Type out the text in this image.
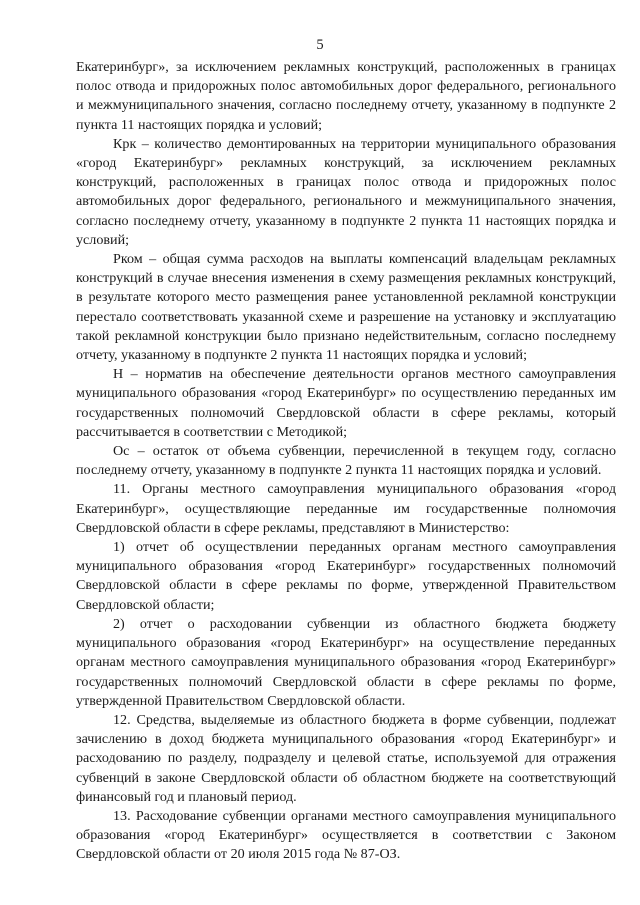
5

Екатеринбург», за исключением рекламных конструкций, расположенных в границах полос отвода и придорожных полос автомобильных дорог федерального, регионального и межмуниципального значения, согласно последнему отчету, указанному в подпункте 2 пункта 11 настоящих порядка и условий;

Крк – количество демонтированных на территории муниципального образования «город Екатеринбург» рекламных конструкций, за исключением рекламных конструкций, расположенных в границах полос отвода и придорожных полос автомобильных дорог федерального, регионального и межмуниципального значения, согласно последнему отчету, указанному в подпункте 2 пункта 11 настоящих порядка и условий;

Рком – общая сумма расходов на выплаты компенсаций владельцам рекламных конструкций в случае внесения изменения в схему размещения рекламных конструкций, в результате которого место размещения ранее установленной рекламной конструкции перестало соответствовать указанной схеме и разрешение на установку и эксплуатацию такой рекламной конструкции было признано недействительным, согласно последнему отчету, указанному в подпункте 2 пункта 11 настоящих порядка и условий;

Н – норматив на обеспечение деятельности органов местного самоуправления муниципального образования «город Екатеринбург» по осуществлению переданных им государственных полномочий Свердловской области в сфере рекламы, который рассчитывается в соответствии с Методикой;

Ос – остаток от объема субвенции, перечисленной в текущем году, согласно последнему отчету, указанному в подпункте 2 пункта 11 настоящих порядка и условий.

11. Органы местного самоуправления муниципального образования «город Екатеринбург», осуществляющие переданные им государственные полномочия Свердловской области в сфере рекламы, представляют в Министерство:

1) отчет об осуществлении переданных органам местного самоуправления муниципального образования «город Екатеринбург» государственных полномочий Свердловской области в сфере рекламы по форме, утвержденной Правительством Свердловской области;

2) отчет о расходовании субвенции из областного бюджета бюджету муниципального образования «город Екатеринбург» на осуществление переданных органам местного самоуправления муниципального образования «город Екатеринбург» государственных полномочий Свердловской области в сфере рекламы по форме, утвержденной Правительством Свердловской области.

12. Средства, выделяемые из областного бюджета в форме субвенции, подлежат зачислению в доход бюджета муниципального образования «город Екатеринбург» и расходованию по разделу, подразделу и целевой статье, используемой для отражения субвенций в законе Свердловской области об областном бюджете на соответствующий финансовый год и плановый период.

13. Расходование субвенции органами местного самоуправления муниципального образования «город Екатеринбург» осуществляется в соответствии с Законом Свердловской области от 20 июля 2015 года № 87-ОЗ.
